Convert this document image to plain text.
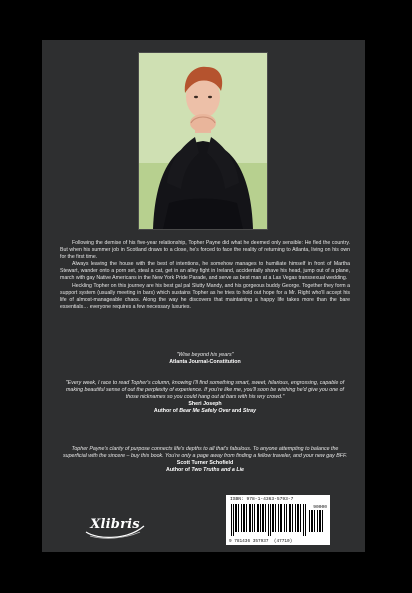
Following the demise of his five-year relationship, Topher Payne did what he deemed only sensible: He fled the country. But when his summer job in Scotland draws to a close, he's forced to face the reality of returning to Atlanta, living on his own for the first time.

Always leaving the house with the best of intentions, he somehow manages to humiliate himself in front of Martha Stewart, wander onto a porn set, steal a cat, get in an alley fight in Ireland, accidentally shave his head, jump out of a plane, march with gay Native Americans in the New York Pride Parade, and serve as best man at a Las Vegas transsexual wedding.

Heckling Topher on this journey are his best gal pal Slutty Mandy, and his gorgeous buddy George. Together they form a support system (usually meeting in bars) which sustains Topher as he tries to hold out hope for a Mr. Right who'll accept his life of almost-manageable chaos. Along the way he discovers that maintaining a happy life takes more than the bare essentials… everyone requires a few necessary luxuries.

"Wise beyond his years"
Atlanta Journal-Constitution
"Every week, I race to read Topher's column, knowing I'll find something smart, sweet, hilarious, engrossing, capable of making beautiful sense of out the perplexity of experience. If you're like me, you'll soon be wishing he'd give you one of those nicknames so you could hang out at bars with his wry crowd."
Sheri Joseph
Author of Bear Me Safely Over and Stray
Topher Payne's clarity of purpose connects life's depths to all that's fabulous. To anyone attempting to balance the superficial with the sincere – buy this book. You're only a page away from finding a fellow traveler, and your new gay BFF.
Scott Turner Schofield
Author of Two Truths and a Lie
Xlibris
ISBN: 978-1-4363-5793-7
90000
9 781436 357937 (47710)
